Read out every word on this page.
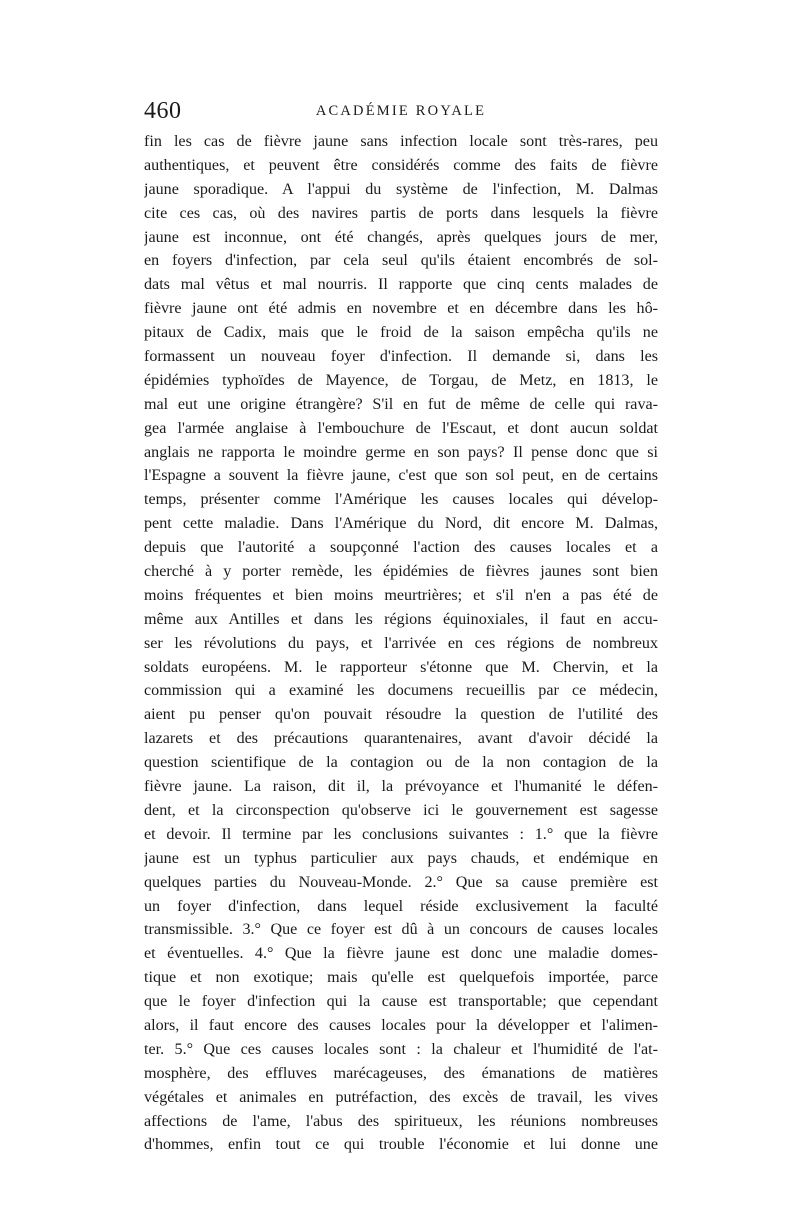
460	ACADÉMIE ROYALE
fin les cas de fièvre jaune sans infection locale sont très-rares, peu
authentiques, et peuvent être considérés comme des faits de fièvre
jaune sporadique. A l'appui du système de l'infection, M. Dalmas
cite ces cas, où des navires partis de ports dans lesquels la fièvre
jaune est inconnue, ont été changés, après quelques jours de mer,
en foyers d'infection, par cela seul qu'ils étaient encombrés de sol-
dats mal vêtus et mal nourris. Il rapporte que cinq cents malades de
fièvre jaune ont été admis en novembre et en décembre dans les hô-
pitaux de Cadix, mais que le froid de la saison empêcha qu'ils ne
formassent un nouveau foyer d'infection. Il demande si, dans les
épidémies typhoïdes de Mayence, de Torgau, de Metz, en 1813, le
mal eut une origine étrangère? S'il en fut de même de celle qui rava-
gea l'armée anglaise à l'embouchure de l'Escaut, et dont aucun soldat
anglais ne rapporta le moindre germe en son pays? Il pense donc que si
l'Espagne a souvent la fièvre jaune, c'est que son sol peut, en de certains
temps, présenter comme l'Amérique les causes locales qui dévelop-
pent cette maladie. Dans l'Amérique du Nord, dit encore M. Dalmas,
depuis que l'autorité a soupçonné l'action des causes locales et a
cherché à y porter remède, les épidémies de fièvres jaunes sont bien
moins fréquentes et bien moins meurtrières; et s'il n'en a pas été de
même aux Antilles et dans les régions équinoxiales, il faut en accu-
ser les révolutions du pays, et l'arrivée en ces régions de nombreux
soldats européens. M. le rapporteur s'étonne que M. Chervin, et la
commission qui a examiné les documens recueillis par ce médecin,
aient pu penser qu'on pouvait résoudre la question de l'utilité des
lazarets et des précautions quarantenaires, avant d'avoir décidé la
question scientifique de la contagion ou de la non contagion de la
fièvre jaune. La raison, dit il, la prévoyance et l'humanité le défen-
dent, et la circonspection qu'observe ici le gouvernement est sagesse
et devoir. Il termine par les conclusions suivantes : 1.° que la fièvre
jaune est un typhus particulier aux pays chauds, et endémique en
quelques parties du Nouveau-Monde. 2.° Que sa cause première est
un foyer d'infection, dans lequel réside exclusivement la faculté
transmissible. 3.° Que ce foyer est dû à un concours de causes locales
et éventuelles. 4.° Que la fièvre jaune est donc une maladie domes-
tique et non exotique; mais qu'elle est quelquefois importée, parce
que le foyer d'infection qui la cause est transportable; que cependant
alors, il faut encore des causes locales pour la développer et l'alimen-
ter. 5.° Que ces causes locales sont : la chaleur et l'humidité de l'at-
mosphère, des effluves marécageuses, des émanations de matières
végétales et animales en putréfaction, des excès de travail, les vives
affections de l'ame, l'abus des spiritueux, les réunions nombreuses
d'hommes, enfin tout ce qui trouble l'économie et lui donne une
